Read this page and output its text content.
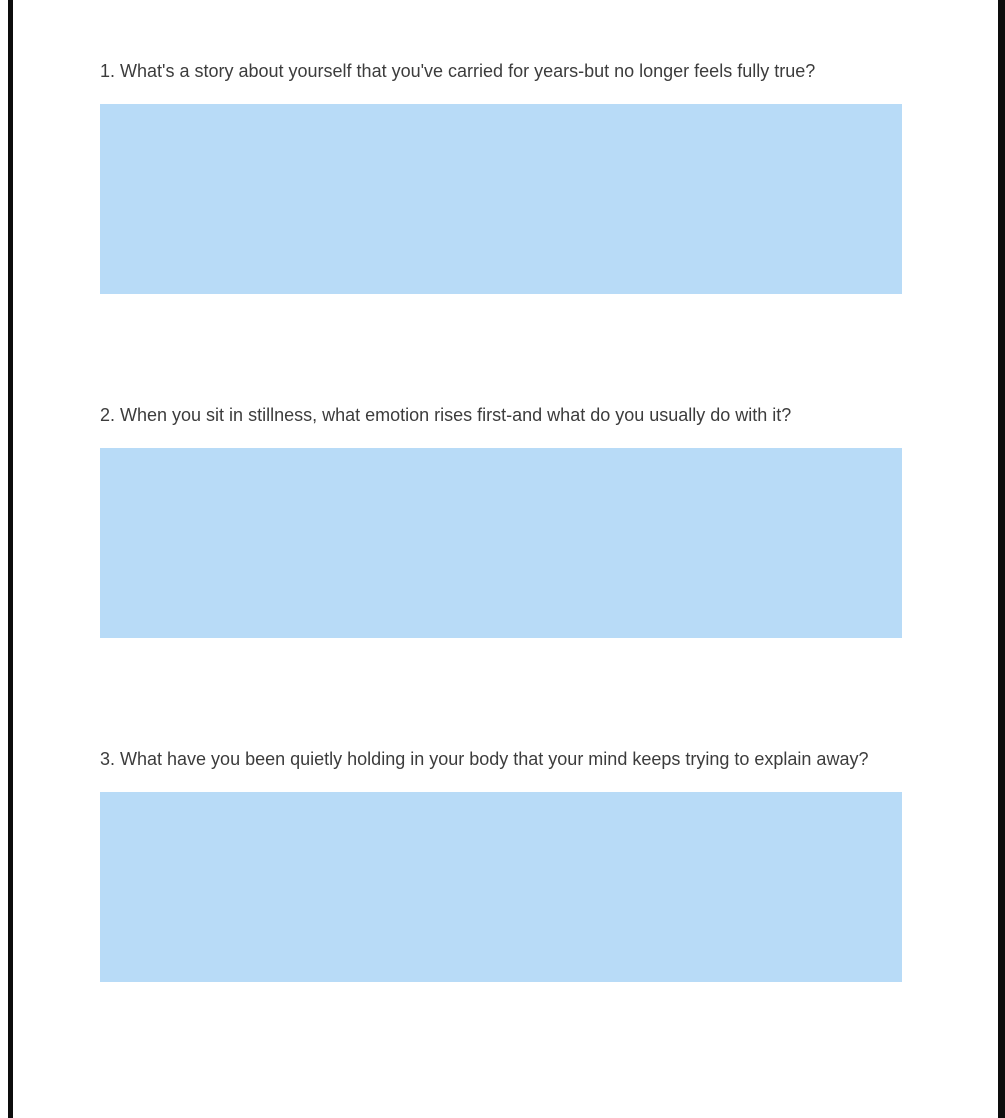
1. What's a story about yourself that you've carried for years-but no longer feels fully true?

2. When you sit in stillness, what emotion rises first-and what do you usually do with it?

3. What have you been quietly holding in your body that your mind keeps trying to explain away?
